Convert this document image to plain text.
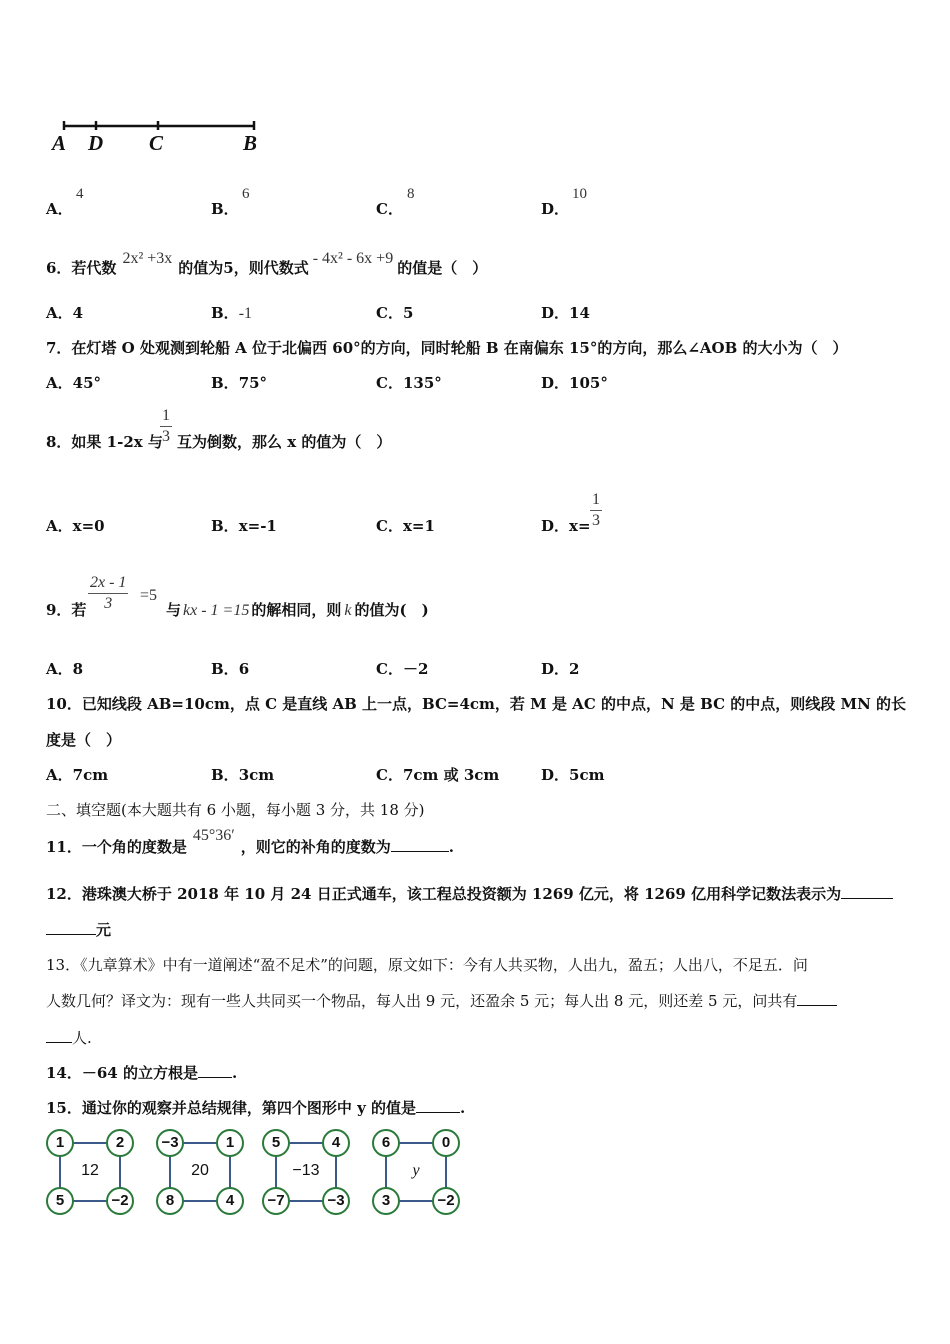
A D C	B
A．
4
B．
6
C．
8
D．
10
6．若代数2x² +3x的值为5，则代数式- 4x² - 6x +9的值是（　）
A．4	B．-1	C．5	D．14
7．在灯塔 O 处观测到轮船 A 位于北偏西 60°的方向，同时轮船 B 在南偏东 15°的方向，那么∠AOB 的大小为（　）
A．45°	B．75°	C．135°	D．105°
8．如果 1-2x 与
$\frac{1}{3}$ 互为倒数，那么 x 的值为（　）
A．x=0	B．x=-1	C．x=1	D．$x= \frac{1}{3}$
9．若 $\frac{2x - 1}{3} =5$
与 kx - 1 =15 的解相同，则 k 的值为(　)
A．8	B．6	C．－2	D．2
10．已知线段 AB=10cm，点 C 是直线 AB 上一点，BC=4cm，若 M 是 AC 的中点，N 是 BC 的中点，则线段 MN 的长
度是（　）
A．7cm	B．3cm	C．7cm 或 3cm	D．5cm
二、填空题(本大题共有 6 小题，每小题 3 分，共 18 分)
11．一个角的度数是45°36′，则它的补角的度数为	.
12．港珠澳大桥于 2018 年 10 月 24 日正式通车，该工程总投资额为 1269 亿元，将 1269 亿用科学记数法表示为
元
13．《九章算术》中有一道阐述“盈不足术”的问题，原文如下：今有人共买物，人出九，盈五；人出八，不足五．问
人数几何？译文为：现有一些人共同买一个物品，每人出 9 元，还盈余 5 元；每人出 8 元，则还差 5 元，问共有
人.
14．－64 的立方根是 .
15．通过你的观察并总结规律，第四个图形中 y 的值是	.
1	2
5	−2
12
−3	1
8	4
20
5	4
−7	−3
−13
6	0
3	−2
y
